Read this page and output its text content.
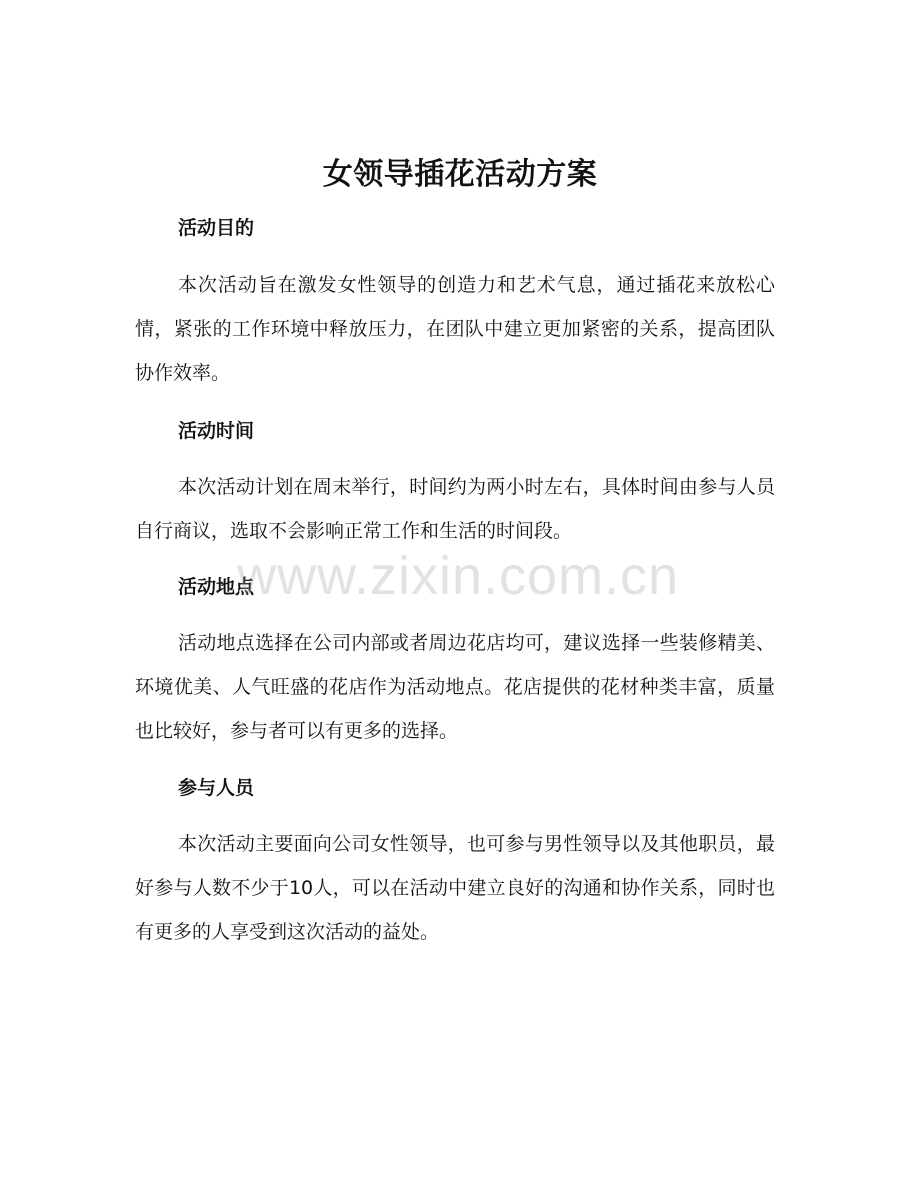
女领导插花活动方案
活动目的

本次活动旨在激发女性领导的创造力和艺术气息，通过插花来放松心情，紧张的工作环境中释放压力，在团队中建立更加紧密的关系，提高团队协作效率。

活动时间

本次活动计划在周末举行，时间约为两小时左右，具体时间由参与人员自行商议，选取不会影响正常工作和生活的时间段。

活动地点

活动地点选择在公司内部或者周边花店均可，建议选择一些装修精美、环境优美、人气旺盛的花店作为活动地点。花店提供的花材种类丰富，质量也比较好，参与者可以有更多的选择。

参与人员

本次活动主要面向公司女性领导，也可参与男性领导以及其他职员，最好参与人数不少于10人，可以在活动中建立良好的沟通和协作关系，同时也有更多的人享受到这次活动的益处。

www.zixin.com.cn
